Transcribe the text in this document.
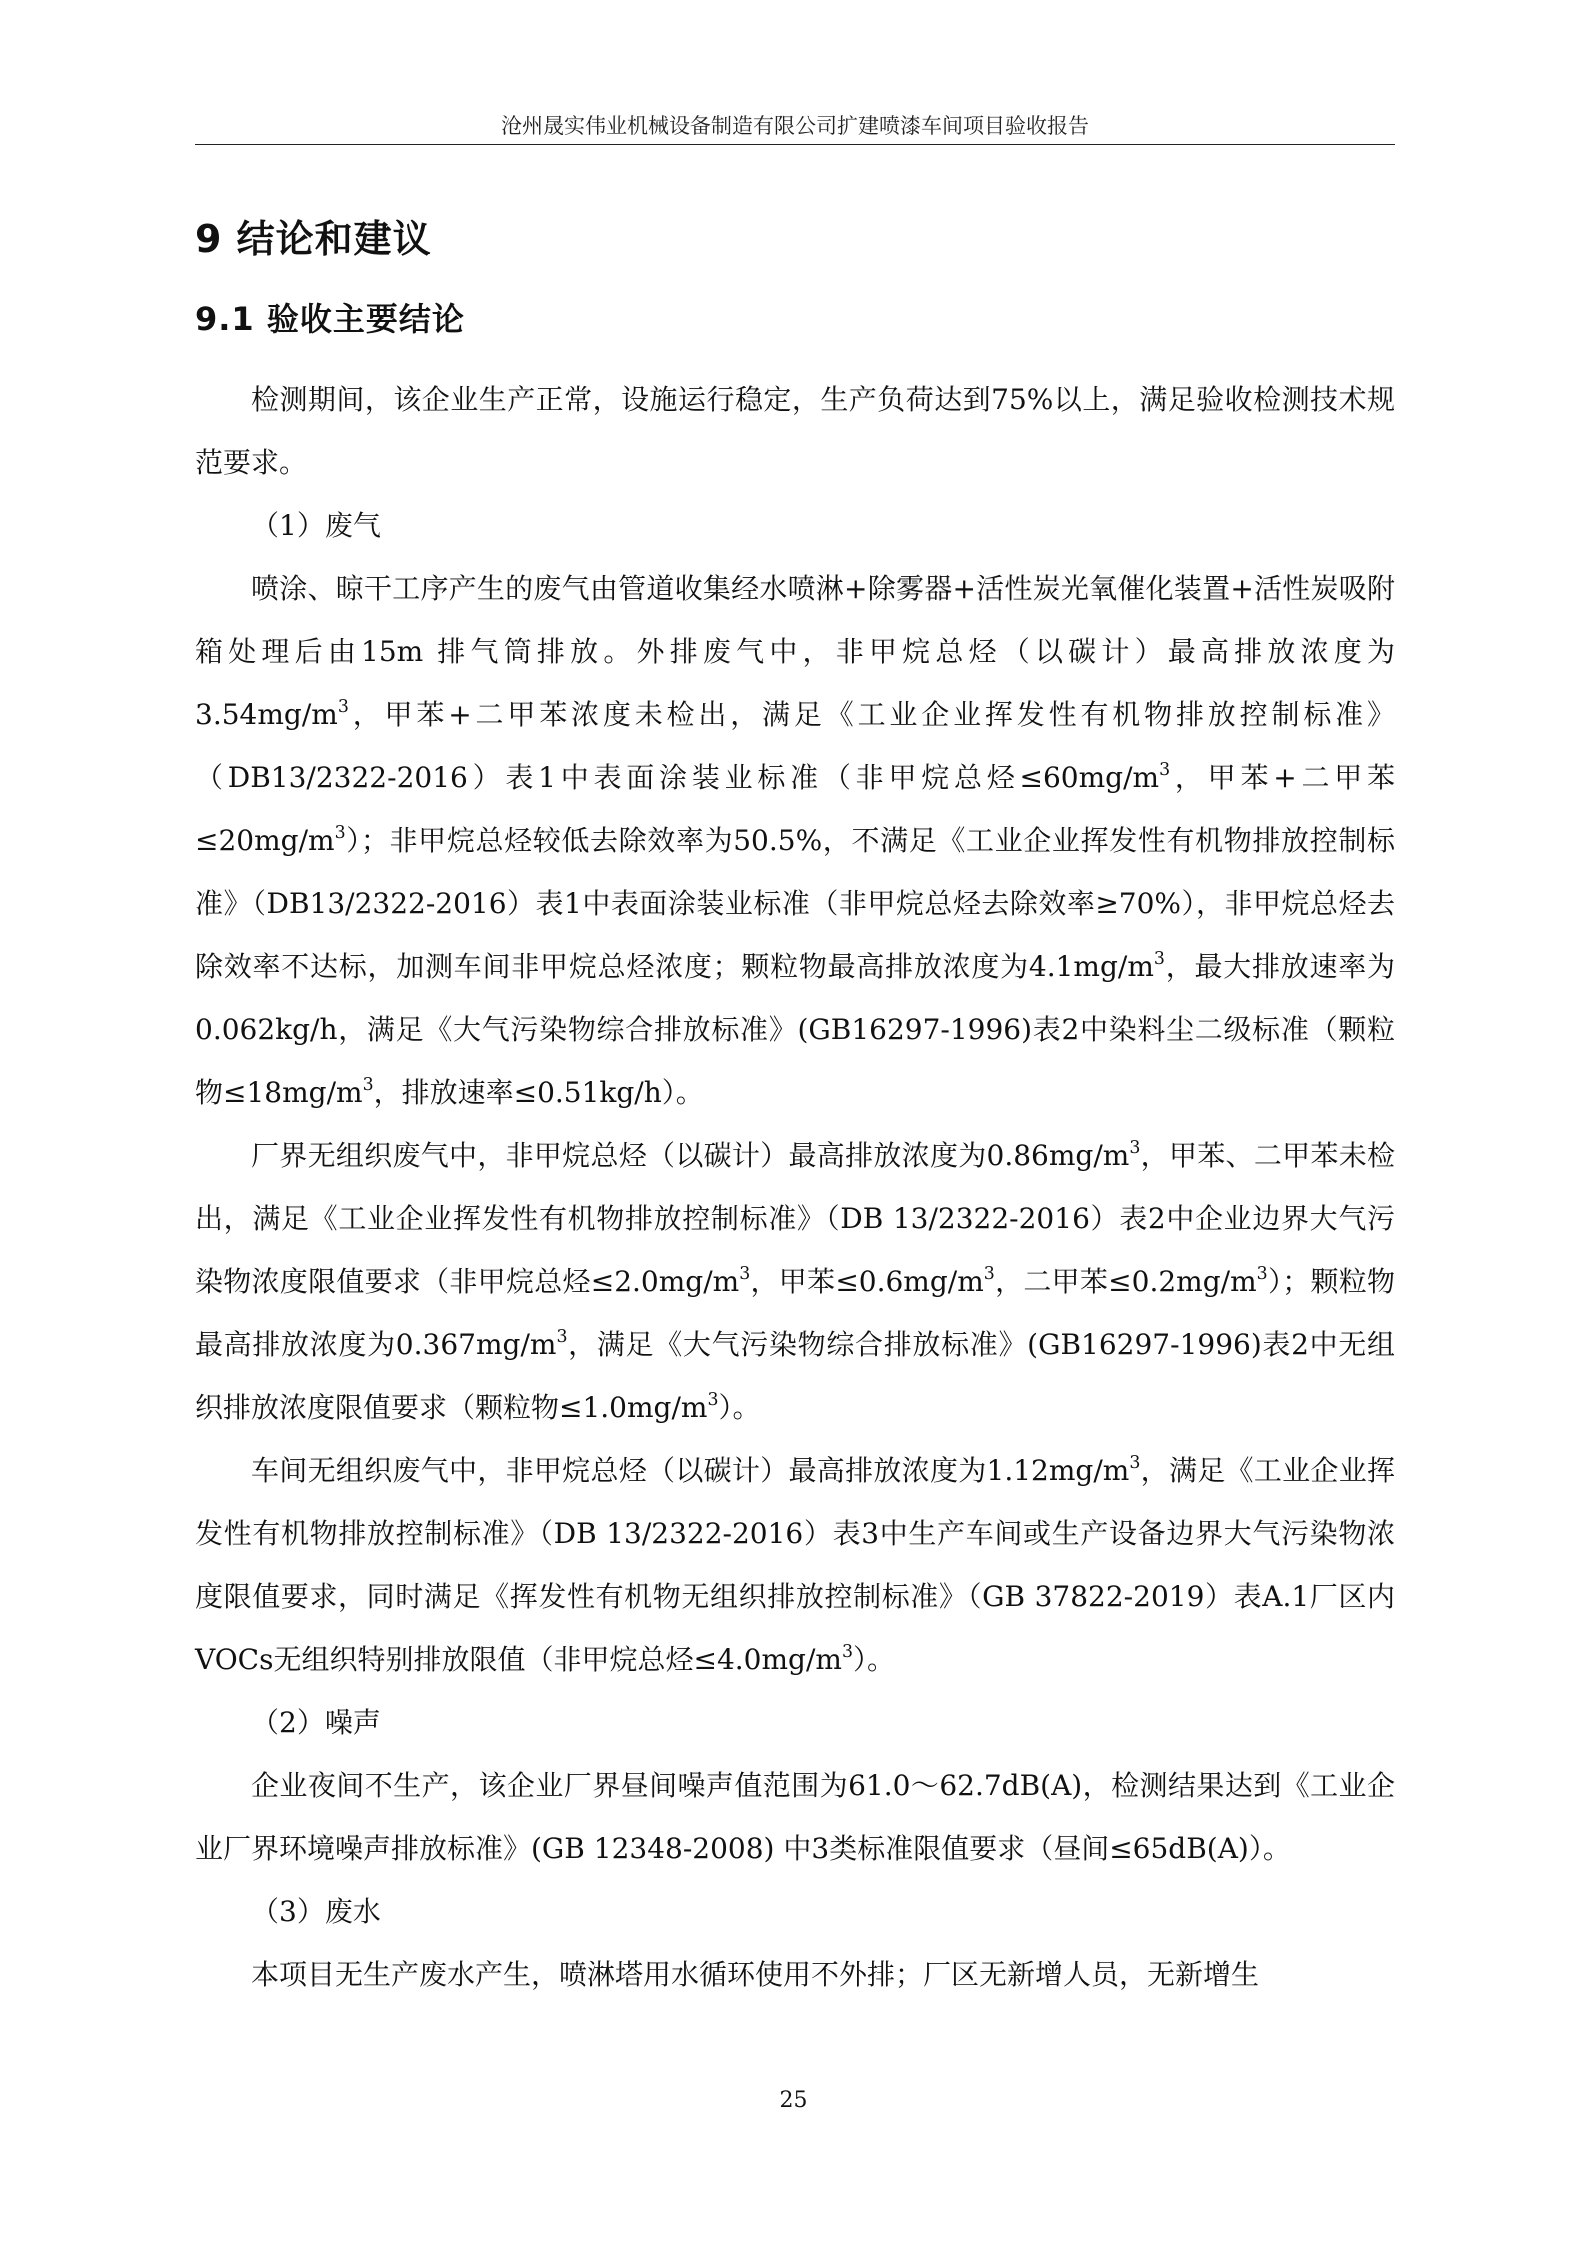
沧州晟实伟业机械设备制造有限公司扩建喷漆车间项目验收报告
9 结论和建议
9.1 验收主要结论

检测期间，该企业生产正常，设施运行稳定，生产负荷达到75%以上，满足验收检测技术规范要求。

（1）废气

喷涂、晾干工序产生的废气由管道收集经水喷淋+除雾器+活性炭光氧催化装置+活性炭吸附箱处理后由15m 排气筒排放。外排废气中，非甲烷总烃（以碳计）最高排放浓度为$3.54mg/m^3$，甲苯+二甲苯浓度未检出，满足《工业企业挥发性有机物排放控制标准》（DB13/2322-2016）表1中表面涂装业标准（非甲烷总烃$\le 60mg/m^3$，甲苯+二甲苯$\le 20mg/m^3$）；非甲烷总烃较低去除效率为50.5%，不满足《工业企业挥发性有机物排放控制标准》（DB13/2322-2016）表1中表面涂装业标准（非甲烷总烃去除效率≥70%），非甲烷总烃去除效率不达标，加测车间非甲烷总烃浓度；颗粒物最高排放浓度为$4.1mg/m^3$，最大排放速率为0.062kg/h，满足《大气污染物综合排放标准》(GB16297-1996)表2中染料尘二级标准（颗粒物$\le 18mg/m^3$，排放速率≤0.51kg/h）。

厂界无组织废气中，非甲烷总烃（以碳计）最高排放浓度为$0.86mg/m^3$，甲苯、二甲苯未检出，满足《工业企业挥发性有机物排放控制标准》（DB 13/2322-2016）表2中企业边界大气污染物浓度限值要求（非甲烷总烃$\le 2.0mg/m^3$，甲苯$\le 0.6mg/m^3$，二甲苯$\le 0.2mg/m^3$）；颗粒物最高排放浓度为$0.367mg/m^3$，满足《大气污染物综合排放标准》(GB16297-1996)表2中无组织排放浓度限值要求（颗粒物$\le 1.0mg/m^3$）。

车间无组织废气中，非甲烷总烃（以碳计）最高排放浓度为$1.12mg/m^3$，满足《工业企业挥发性有机物排放控制标准》（DB 13/2322-2016）表3中生产车间或生产设备边界大气污染物浓度限值要求，同时满足《挥发性有机物无组织排放控制标准》（GB 37822-2019）表A.1厂区内VOCs无组织特别排放限值（非甲烷总烃$\le 4.0mg/m^3$）。

（2）噪声

企业夜间不生产，该企业厂界昼间噪声值范围为61.0～62.7dB(A)，检测结果达到《工业企业厂界环境噪声排放标准》(GB 12348-2008) 中3类标准限值要求（昼间≤65dB(A)）。

（3）废水

本项目无生产废水产生，喷淋塔用水循环使用不外排；厂区无新增人员，无新增生

25
